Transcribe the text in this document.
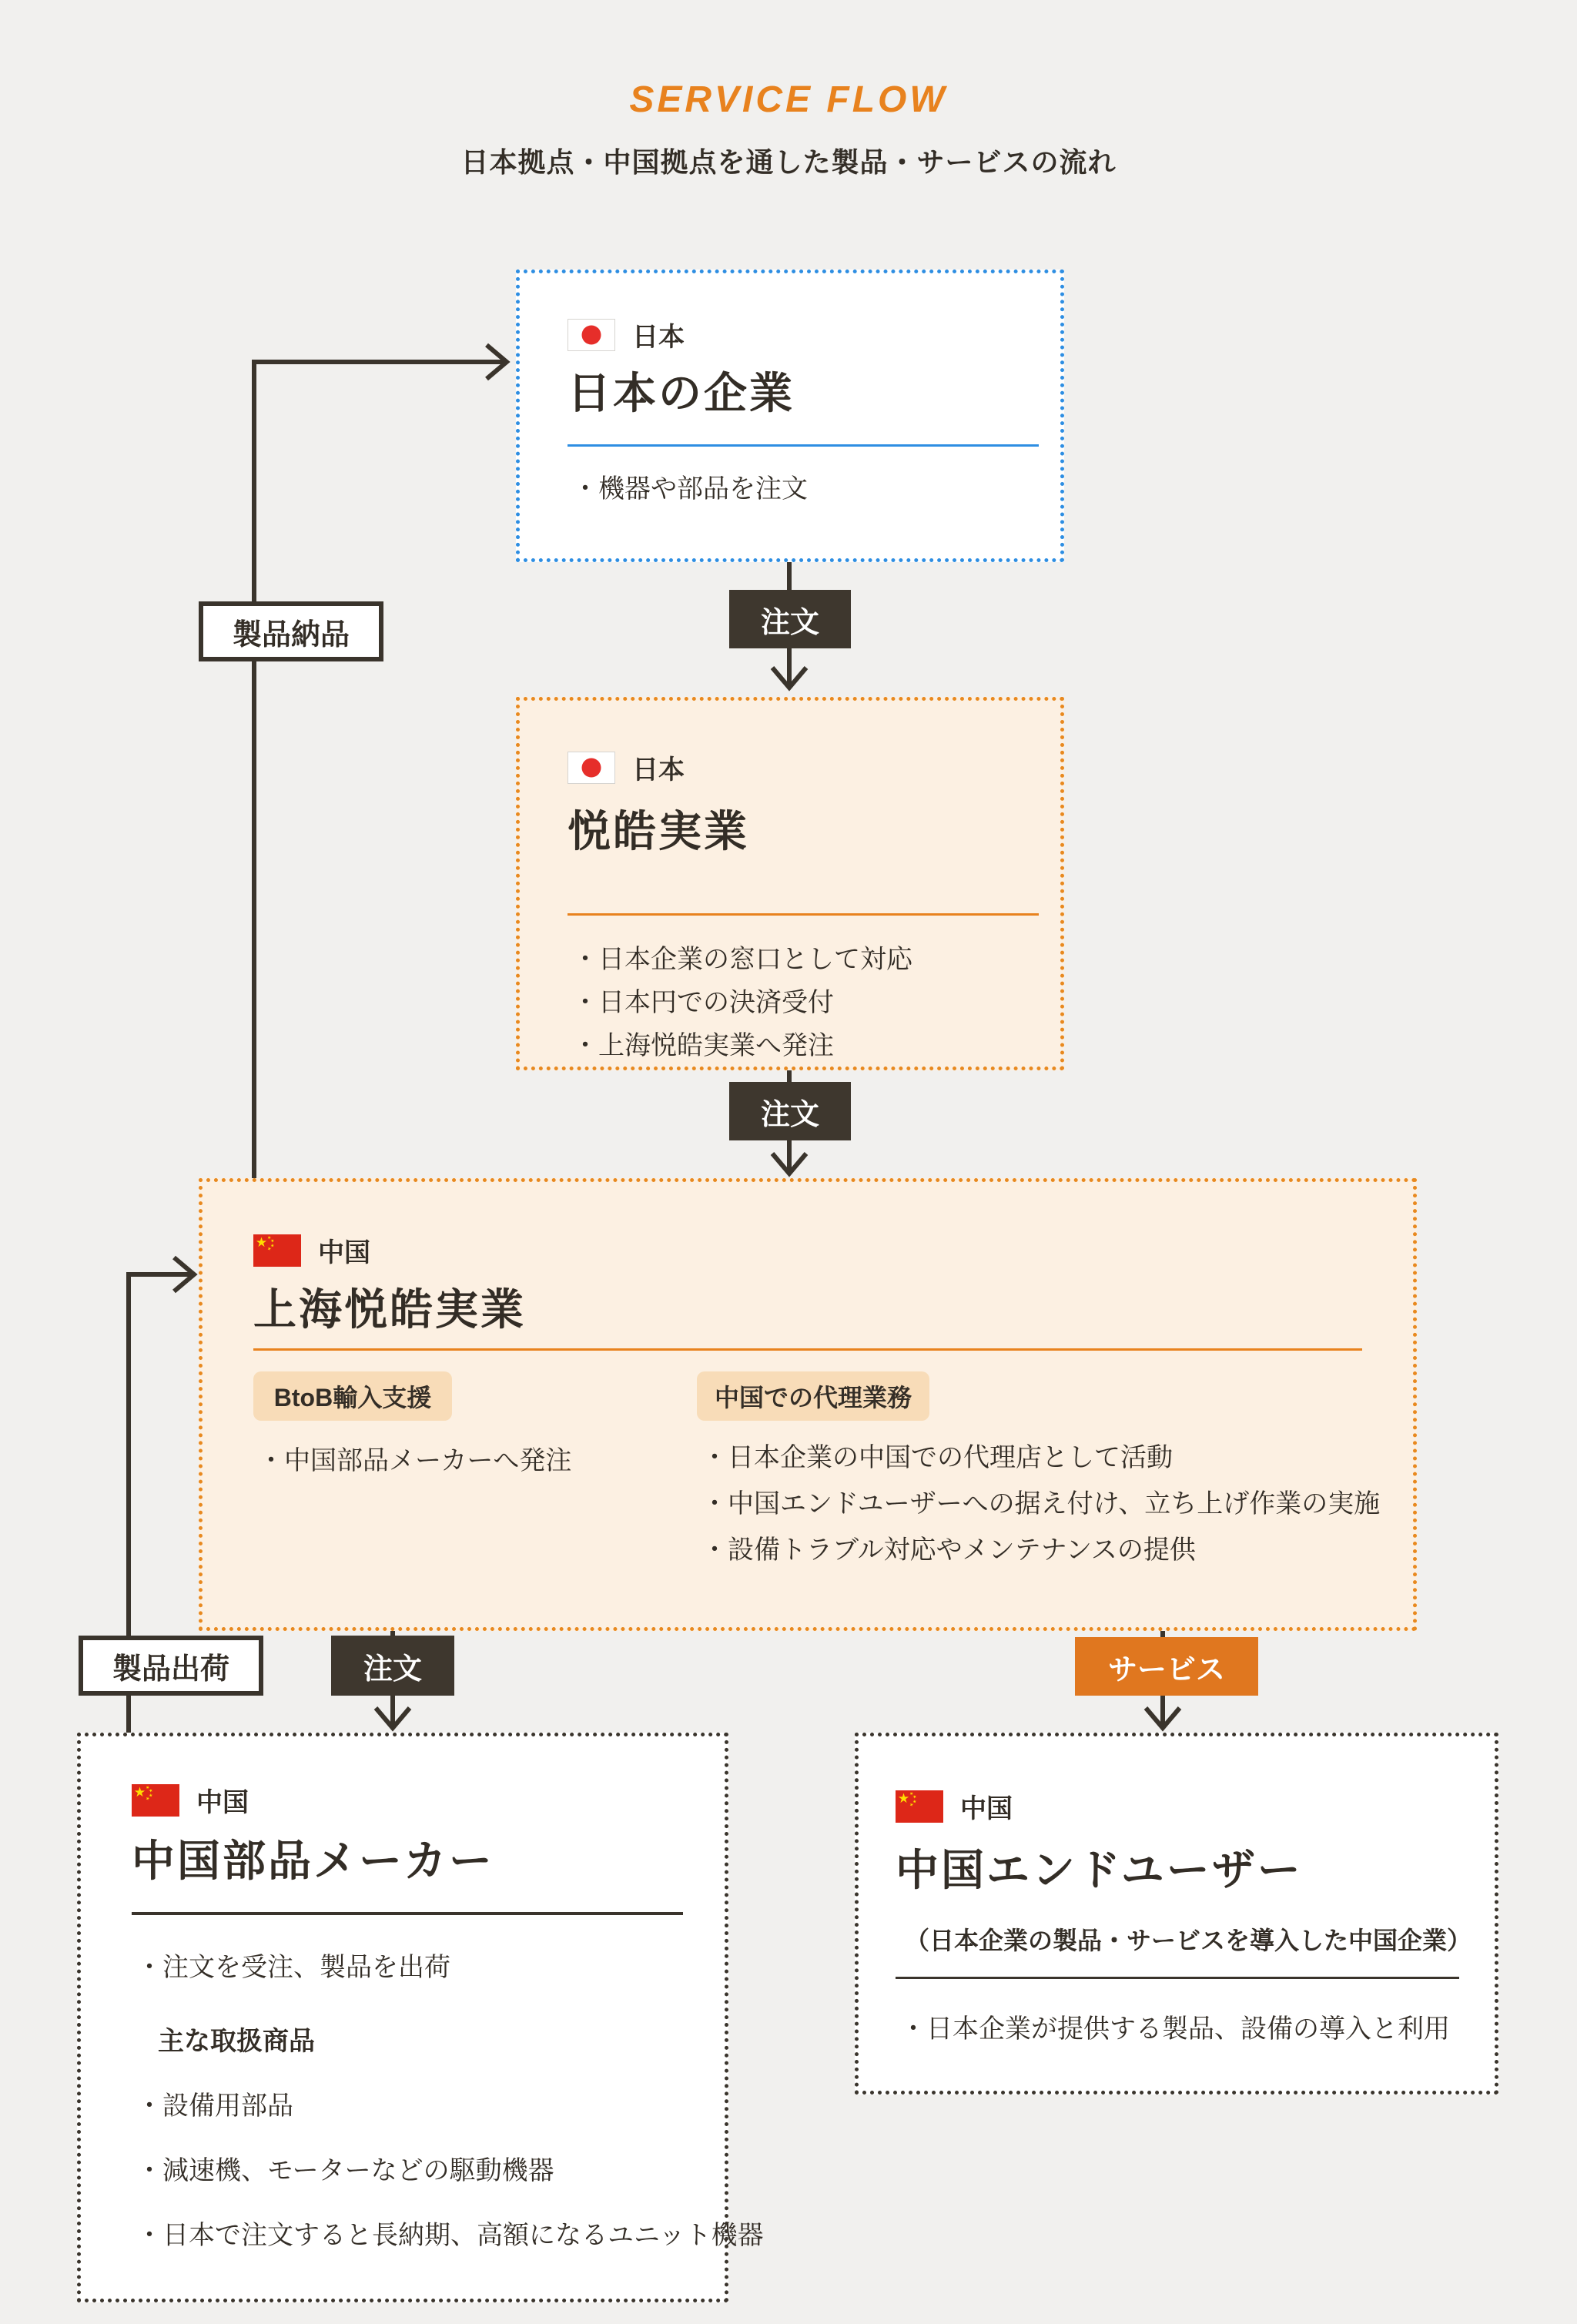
SERVICE FLOW
日本拠点・中国拠点を通した製品・サービスの流れ
日本
日本の企業
・機器や部品を注文
日本
悦皓実業
・日本企業の窓口として対応
・日本円での決済受付
・上海悦皓実業へ発注
中国
上海悦皓実業
BtoB輸入支援
・中国部品メーカーへ発注
中国での代理業務
・日本企業の中国での代理店として活動
・中国エンドユーザーへの据え付け、立ち上げ作業の実施
・設備トラブル対応やメンテナンスの提供
中国
中国部品メーカー
・注文を受注、製品を出荷
主な取扱商品
・設備用部品
・減速機、モーターなどの駆動機器
・日本で注文すると長納期、高額になるユニット機器
中国
中国エンドユーザー
（日本企業の製品・サービスを導入した中国企業）
・日本企業が提供する製品、設備の導入と利用
製品納品	注文
注文
製品出荷	注文	サービス
